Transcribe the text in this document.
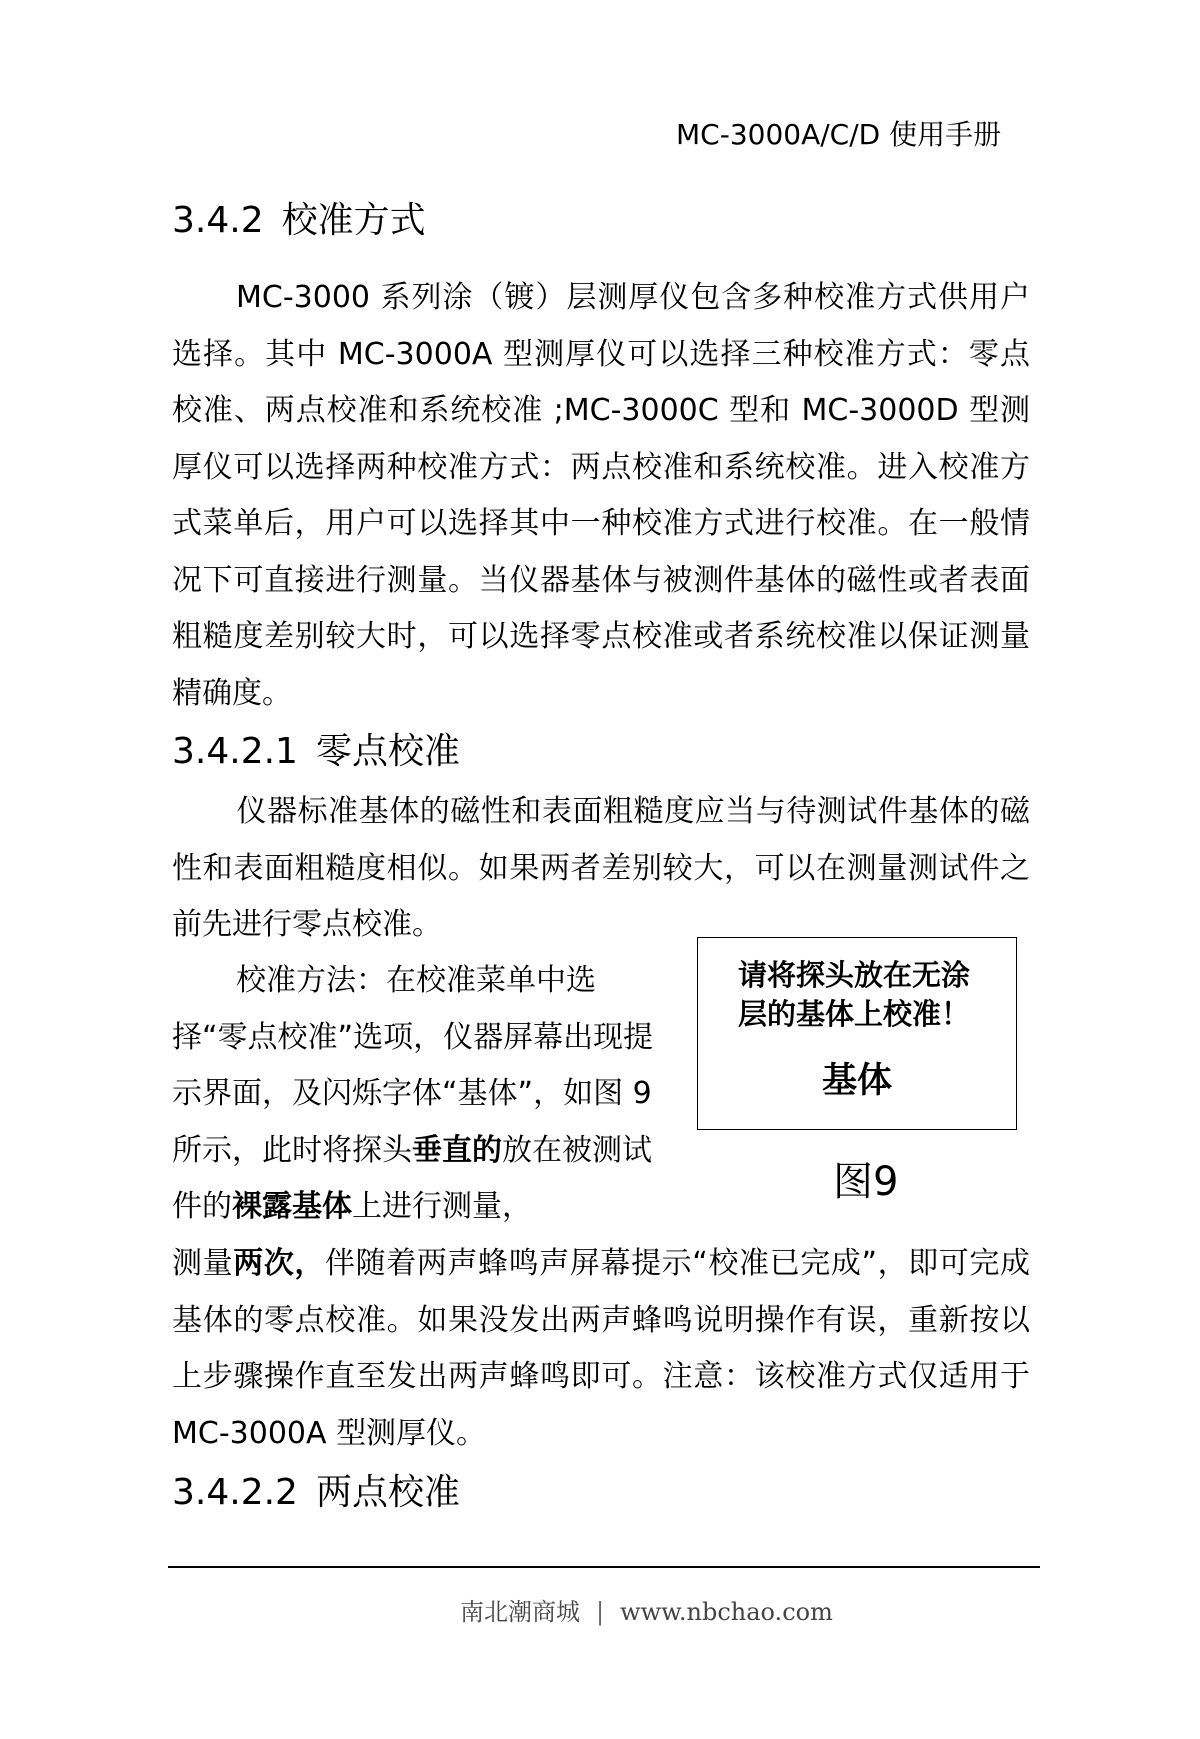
MC-3000A/C/D 使用手册
3.4.2 校准方式

MC-3000 系列涂（镀）层测厚仪包含多种校准方式供用户选择。其中 MC-3000A 型测厚仪可以选择三种校准方式：零点校准、两点校准和系统校准 ;MC-3000C 型和 MC-3000D 型测厚仪可以选择两种校准方式：两点校准和系统校准。进入校准方式菜单后，用户可以选择其中一种校准方式进行校准。在一般情况下可直接进行测量。当仪器基体与被测件基体的磁性或者表面粗糙度差别较大时，可以选择零点校准或者系统校准以保证测量精确度。

3.4.2.1 零点校准

仪器标准基体的磁性和表面粗糙度应当与待测试件基体的磁性和表面粗糙度相似。如果两者差别较大，可以在测量测试件之前先进行零点校准。

校准方法：在校准菜单中选择“零点校准”选项，仪器屏幕出现提示界面，及闪烁字体“基体”，如图 9 所示，此时将探头垂直的放在被测试件的裸露基体上进行测量，

请将探头放在无涂层的基体上校准！
基体
图9

测量两次，伴随着两声蜂鸣声屏幕提示“校准已完成”，即可完成基体的零点校准。如果没发出两声蜂鸣说明操作有误，重新按以上步骤操作直至发出两声蜂鸣即可。注意：该校准方式仅适用于 MC-3000A 型测厚仪。

3.4.2.2 两点校准
南北潮商城 | www.nbchao.com
